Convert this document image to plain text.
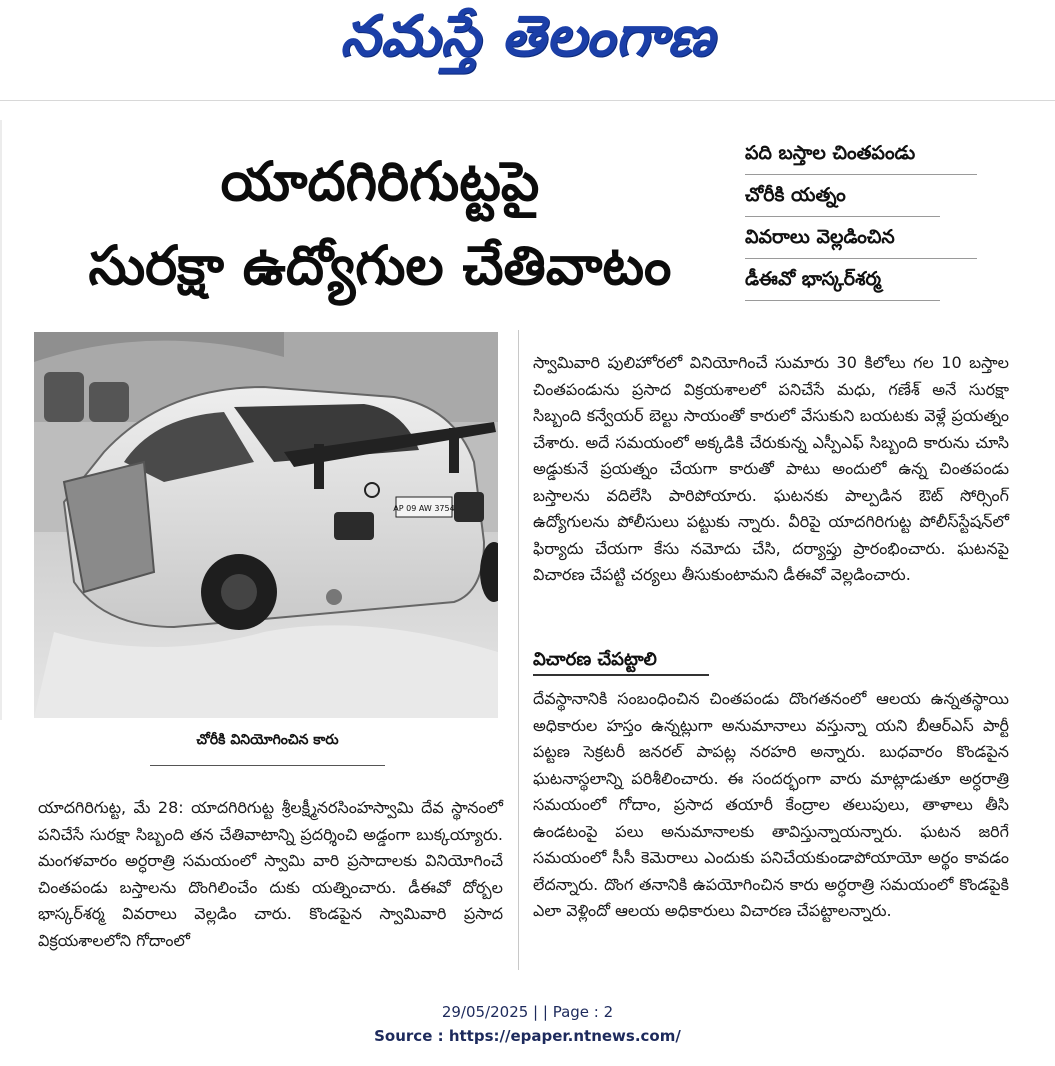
నమస్తే తెలంగాణ
యాదగిరిగుట్టపై
సురక్షా ఉద్యోగుల చేతివాటం
పది బస్తాల చింతపండు
చోరీకి యత్నం
వివరాలు వెల్లడించిన
డీఈవో భాస్కర్‌శర్మ
AP 09 AW 3754
చోరీకి వినియోగించిన కారు
యాదగిరిగుట్ట, మే 28: యాదగిరిగుట్ట శ్రీలక్ష్మీనరసింహస్వామి దేవ స్థానంలో పనిచేసే సురక్షా సిబ్బంది తన చేతివాటాన్ని ప్రదర్శించి అడ్డంగా బుక్కయ్యారు. మంగళవారం అర్ధరాత్రి సమయంలో స్వామి వారి ప్రసాదాలకు వినియోగించే చింతపండు బస్తాలను దొంగిలించేం దుకు యత్నించారు. డీఈవో దోర్బల భాస్కర్‌శర్మ వివరాలు వెల్లడిం చారు. కొండపైన స్వామివారి ప్రసాద విక్రయశాలలోని గోదాంలో
స్వామివారి పులిహోరలో వినియోగించే సుమారు 30 కిలోలు గల 10 బస్తాల చింతపండును ప్రసాద విక్రయశాలలో పనిచేసే మధు, గణేశ్‌ అనే సురక్షా సిబ్బంది కన్వేయర్‌ బెల్టు సాయంతో కారులో వేసుకుని బయటకు వెళ్లే ప్రయత్నం చేశారు. అదే సమయంలో అక్కడికి చేరుకున్న ఎస్పీఎఫ్‌ సిబ్బంది కారును చూసి అడ్డుకునే ప్రయత్నం చేయగా కారుతో పాటు అందులో ఉన్న చింతపండు బస్తాలను వదిలేసి పారిపోయారు. ఘటనకు పాల్పడిన ఔట్‌ సోర్సింగ్‌ ఉద్యోగులను పోలీసులు పట్టుకు న్నారు. వీరిపై యాదగిరిగుట్ట పోలీస్‌స్టేషన్‌లో ఫిర్యాదు చేయగా కేసు నమోదు చేసి, దర్యాప్తు ప్రారంభించారు. ఘటనపై విచారణ చేపట్టి చర్యలు తీసుకుంటామని డీఈవో వెల్లడించారు.
విచారణ చేపట్టాలి
దేవస్థానానికి సంబంధించిన చింతపండు దొంగతనంలో ఆలయ ఉన్నతస్థాయి అధికారుల హస్తం ఉన్నట్లుగా అనుమానాలు వస్తున్నా యని బీఆర్‌ఎస్‌ పార్టీ పట్టణ సెక్రటరీ జనరల్‌ పాపట్ల నరహరి అన్నారు. బుధవారం కొండపైన ఘటనాస్థలాన్ని పరిశీలించారు. ఈ సందర్భంగా వారు మాట్లాడుతూ అర్ధరాత్రి సమయంలో గోదాం, ప్రసాద తయారీ కేంద్రాల తలుపులు, తాళాలు తీసి ఉండటంపై పలు అనుమానాలకు తావిస్తున్నాయన్నారు. ఘటన జరిగే సమయంలో సీసీ కెమెరాలు ఎందుకు పనిచేయకుండాపోయాయో అర్థం కావడం లేదన్నారు. దొంగ తనానికి ఉపయోగించిన కారు అర్ధరాత్రి సమయంలో కొండపైకి ఎలా వెళ్లిందో ఆలయ అధికారులు విచారణ చేపట్టాలన్నారు.
29/05/2025 | | Page : 2
Source : https://epaper.ntnews.com/
